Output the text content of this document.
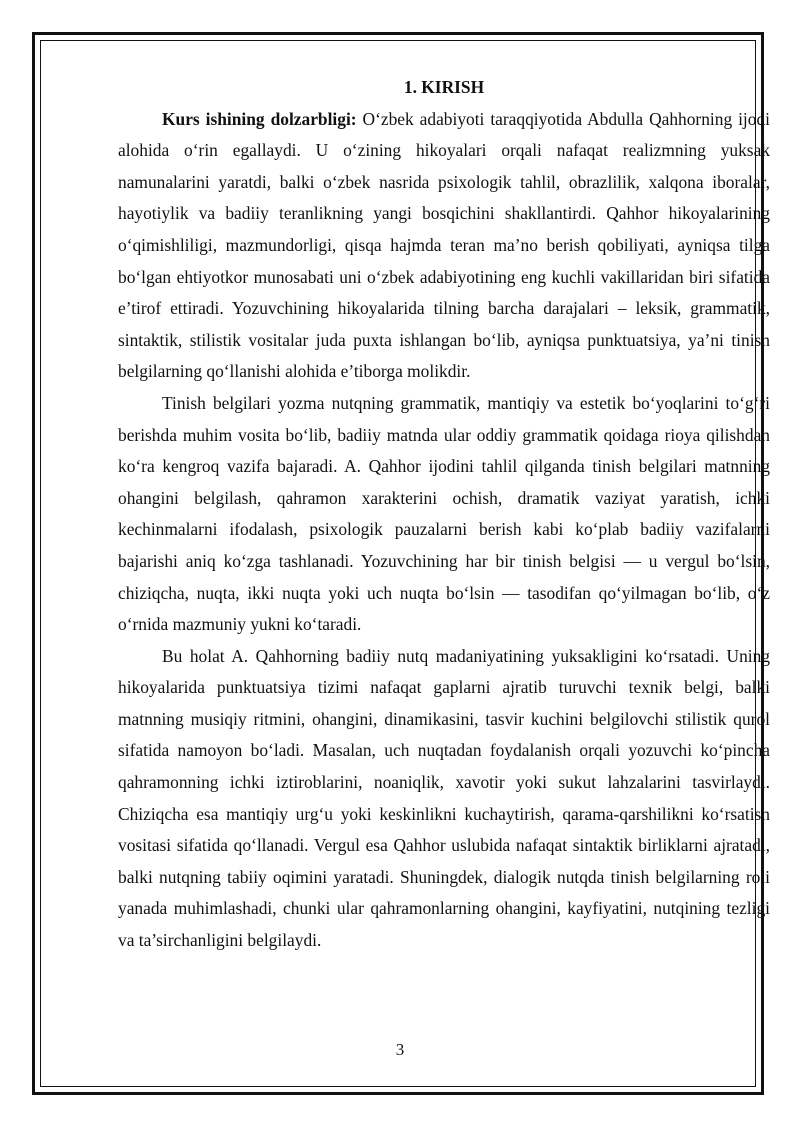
1. KIRISH

Kurs ishining dolzarbligi: O‘zbek adabiyoti taraqqiyotida Abdulla Qahhorning ijodi alohida o‘rin egallaydi. U o‘zining hikoyalari orqali nafaqat realizmning yuksak namunalarini yaratdi, balki o‘zbek nasrida psixologik tahlil, obrazlilik, xalqona iboralar, hayotiylik va badiiy teranlikning yangi bosqichini shakllantirdi. Qahhor hikoyalarining o‘qimishliligi, mazmundorligi, qisqa hajmda teran ma’no berish qobiliyati, ayniqsa tilga bo‘lgan ehtiyotkor munosabati uni o‘zbek adabiyotining eng kuchli vakillaridan biri sifatida e’tirof ettiradi. Yozuvchining hikoyalarida tilning barcha darajalari – leksik, grammatik, sintaktik, stilistik vositalar juda puxta ishlangan bo‘lib, ayniqsa punktuatsiya, ya’ni tinish belgilarning qo‘llanishi alohida e’tiborga molikdir.

Tinish belgilari yozma nutqning grammatik, mantiqiy va estetik bo‘yoqlarini to‘g‘ri berishda muhim vosita bo‘lib, badiiy matnda ular oddiy grammatik qoidaga rioya qilishdan ko‘ra kengroq vazifa bajaradi. A. Qahhor ijodini tahlil qilganda tinish belgilari matnning ohangini belgilash, qahramon xarakterini ochish, dramatik vaziyat yaratish, ichki kechinmalarni ifodalash, psixologik pauzalarni berish kabi ko‘plab badiiy vazifalarni bajarishi aniq ko‘zga tashlanadi. Yozuvchining har bir tinish belgisi — u vergul bo‘lsin, chiziqcha, nuqta, ikki nuqta yoki uch nuqta bo‘lsin — tasodifan qo‘yilmagan bo‘lib, o‘z o‘rnida mazmuniy yukni ko‘taradi.

Bu holat A. Qahhorning badiiy nutq madaniyatining yuksakligini ko‘rsatadi. Uning hikoyalarida punktuatsiya tizimi nafaqat gaplarni ajratib turuvchi texnik belgi, balki matnning musiqiy ritmini, ohangini, dinamikasini, tasvir kuchini belgilovchi stilistik qurol sifatida namoyon bo‘ladi. Masalan, uch nuqtadan foydalanish orqali yozuvchi ko‘pincha qahramonning ichki iztiroblarini, noaniqlik, xavotir yoki sukut lahzalarini tasvirlaydi. Chiziqcha esa mantiqiy urg‘u yoki keskinlikni kuchaytirish, qarama-qarshilikni ko‘rsatish vositasi sifatida qo‘llanadi. Vergul esa Qahhor uslubida nafaqat sintaktik birliklarni ajratadi, balki nutqning tabiiy oqimini yaratadi. Shuningdek, dialogik nutqda tinish belgilarning roli yanada muhimlashadi, chunki ular qahramonlarning ohangini, kayfiyatini, nutqining tezligi va ta’sirchanligini belgilaydi.

3
